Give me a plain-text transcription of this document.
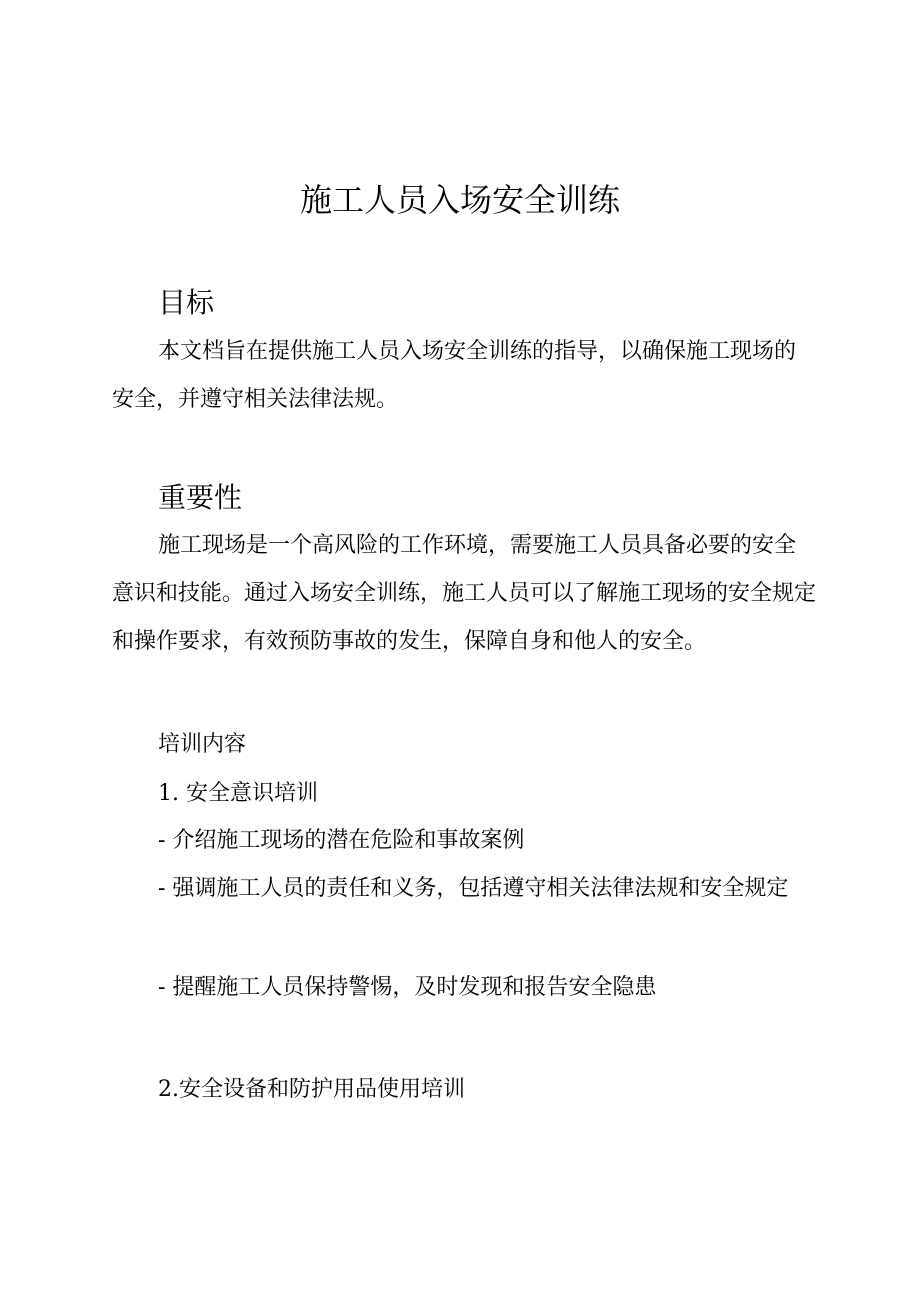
施工人员入场安全训练
目标

本文档旨在提供施工人员入场安全训练的指导，以确保施工现场的安全，并遵守相关法律法规。

重要性

施工现场是一个高风险的工作环境，需要施工人员具备必要的安全意识和技能。通过入场安全训练，施工人员可以了解施工现场的安全规定和操作要求，有效预防事故的发生，保障自身和他人的安全。

培训内容

1. 安全意识培训

- 介绍施工现场的潜在危险和事故案例

- 强调施工人员的责任和义务，包括遵守相关法律法规和安全规定

- 提醒施工人员保持警惕，及时发现和报告安全隐患

2.安全设备和防护用品使用培训
